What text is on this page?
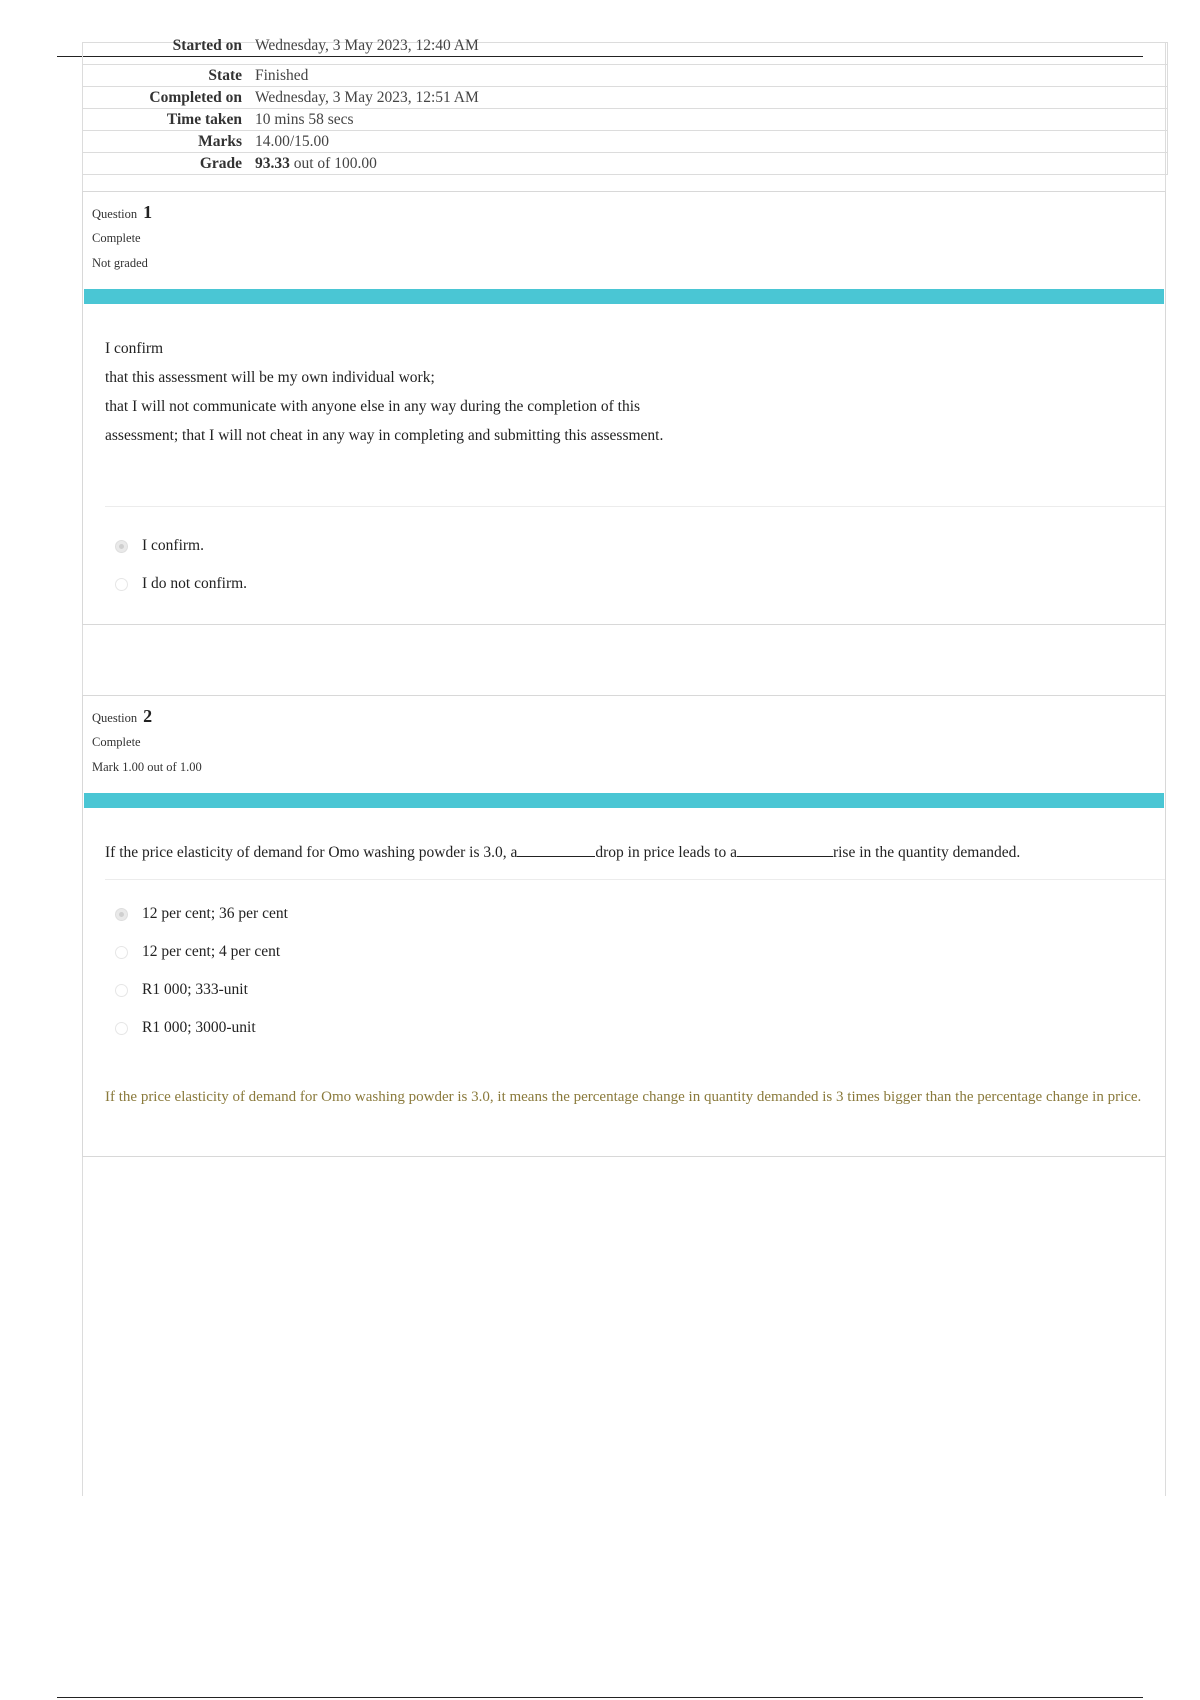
Started on Wednesday, 3 May 2023, 12:40 AM
State Finished
Completed on Wednesday, 3 May 2023, 12:51 AM
Time taken 10 mins 58 secs
Marks 14.00/15.00
Grade 93.33 out of 100.00
Question 1
Complete
Not graded
I confirm
that this assessment will be my own individual work;
that I will not communicate with anyone else in any way during the completion of this
assessment; that I will not cheat in any way in completing and submitting this assessment.
I confirm.
I do not confirm.
Question 2
Complete
Mark 1.00 out of 1.00
If the price elasticity of demand for Omo washing powder is 3.0, a	drop in price leads to a	rise in the quantity demanded.
12 per cent; 36 per cent
12 per cent; 4 per cent
R1 000; 333-unit
R1 000; 3000-unit
If the price elasticity of demand for Omo washing powder is 3.0, it means the percentage change in quantity demanded is 3 times bigger than the percentage change in price.
